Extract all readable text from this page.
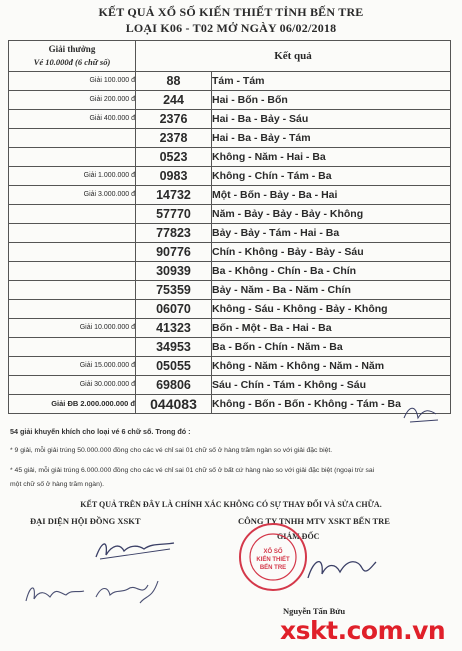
KẾT QUẢ XỔ SỐ KIẾN THIẾT TỈNH BẾN TRE
LOẠI K06 - T02 MỞ NGÀY 06/02/2018
Giải thưởng
Vé 10.000đ (6 chữ số)	Kết quả	
Giải 100.000 đ	88	Tám - Tám
Giải 200.000 đ	244	Hai - Bốn - Bốn
Giải 400.000 đ	2376	Hai - Ba - Bảy - Sáu
	2378	Hai - Ba - Bảy - Tám
	0523	Không - Năm - Hai - Ba
Giải 1.000.000 đ	0983	Không - Chín - Tám - Ba
Giải 3.000.000 đ	14732	Một - Bốn - Bảy - Ba - Hai
	57770	Năm - Bảy - Bảy - Bảy - Không
	77823	Bảy - Bảy - Tám - Hai - Ba
	90776	Chín - Không - Bảy - Bảy - Sáu
	30939	Ba - Không - Chín - Ba - Chín
	75359	Bảy - Năm - Ba - Năm - Chín
	06070	Không - Sáu - Không - Bảy - Không
Giải 10.000.000 đ	41323	Bốn - Một - Ba - Hai - Ba
	34953	Ba - Bốn - Chín - Năm - Ba
Giải 15.000.000 đ	05055	Không - Năm - Không - Năm - Năm
Giải 30.000.000 đ	69806	Sáu - Chín - Tám - Không - Sáu
Giải ĐB 2.000.000.000 đ	044083	Không - Bốn - Bốn - Không - Tám - Ba
54 giải khuyến khích cho loại vé 6 chữ số. Trong đó :
* 9 giải, mỗi giải trúng 50.000.000 đồng cho các vé chỉ sai 01 chữ số ở hàng trăm ngàn so với giải đặc biệt.
* 45 giải, mỗi giải trúng 6.000.000 đồng cho các vé chỉ sai 01 chữ số ở bất cứ hàng nào so với giải đặc biệt (ngoại trừ sai
một chữ số ở hàng trăm ngàn).
KẾT QUẢ TRÊN ĐÂY LÀ CHÍNH XÁC KHÔNG CÓ SỰ THAY ĐỔI VÀ SỬA CHỮA.
ĐẠI DIỆN HỘI ĐỒNG XSKT	CÔNG TY TNHH MTV XSKT BẾN TRE
GIÁM ĐỐC
XỔ SỐ
KIẾN THIẾT
BẾN TRE
Nguyễn Tấn Bửu
xskt.com.vn
